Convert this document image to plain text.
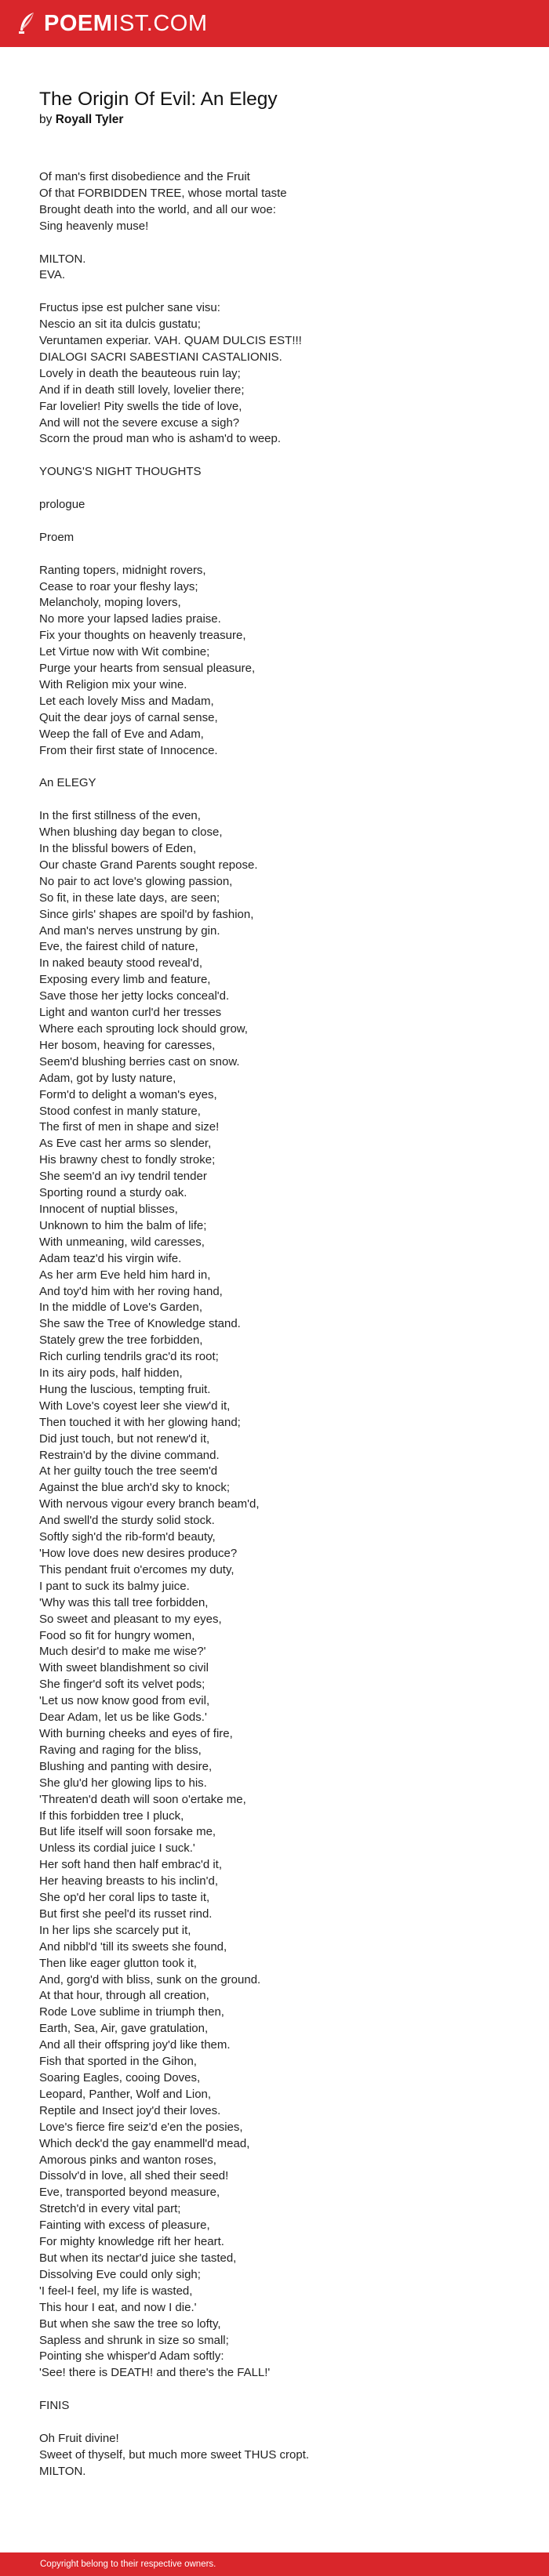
POEM IST.COM
The Origin Of Evil: An Elegy
by Royall Tyler
Of man's first disobedience and the Fruit
Of that FORBIDDEN TREE, whose mortal taste
Brought death into the world, and all our woe:
Sing heavenly muse!
MILTON.
EVA.
Fructus ipse est pulcher sane visu:
Nescio an sit ita dulcis gustatu;
Veruntamen experiar. VAH. QUAM DULCIS EST!!!
DIALOGI SACRI SABESTIANI CASTALIONIS.
Lovely in death the beauteous ruin lay;
And if in death still lovely, lovelier there;
Far lovelier! Pity swells the tide of love,
And will not the severe excuse a sigh?
Scorn the proud man who is asham'd to weep.
YOUNG'S NIGHT THOUGHTS
prologue
Proem
Ranting topers, midnight rovers,
Cease to roar your fleshy lays;
Melancholy, moping lovers,
No more your lapsed ladies praise.
Fix your thoughts on heavenly treasure,
Let Virtue now with Wit combine;
Purge your hearts from sensual pleasure,
With Religion mix your wine.
Let each lovely Miss and Madam,
Quit the dear joys of carnal sense,
Weep the fall of Eve and Adam,
From their first state of Innocence.
An ELEGY
In the first stillness of the even,
When blushing day began to close,
In the blissful bowers of Eden,
Our chaste Grand Parents sought repose.
No pair to act love's glowing passion,
So fit, in these late days, are seen;
Since girls' shapes are spoil'd by fashion,
And man's nerves unstrung by gin.
Eve, the fairest child of nature,
In naked beauty stood reveal'd,
Exposing every limb and feature,
Save those her jetty locks conceal'd.
Light and wanton curl'd her tresses
Where each sprouting lock should grow,
Her bosom, heaving for caresses,
Seem'd blushing berries cast on snow.
Adam, got by lusty nature,
Form'd to delight a woman's eyes,
Stood confest in manly stature,
The first of men in shape and size!
As Eve cast her arms so slender,
His brawny chest to fondly stroke;
She seem'd an ivy tendril tender
Sporting round a sturdy oak.
Innocent of nuptial blisses,
Unknown to him the balm of life;
With unmeaning, wild caresses,
Adam teaz'd his virgin wife.
As her arm Eve held him hard in,
And toy'd him with her roving hand,
In the middle of Love's Garden,
She saw the Tree of Knowledge stand.
Stately grew the tree forbidden,
Rich curling tendrils grac'd its root;
In its airy pods, half hidden,
Hung the luscious, tempting fruit.
With Love's coyest leer she view'd it,
Then touched it with her glowing hand;
Did just touch, but not renew'd it,
Restrain'd by the divine command.
At her guilty touch the tree seem'd
Against the blue arch'd sky to knock;
With nervous vigour every branch beam'd,
And swell'd the sturdy solid stock.
Softly sigh'd the rib-form'd beauty,
'How love does new desires produce?
This pendant fruit o'ercomes my duty,
I pant to suck its balmy juice.
'Why was this tall tree forbidden,
So sweet and pleasant to my eyes,
Food so fit for hungry women,
Much desir'd to make me wise?'
With sweet blandishment so civil
She finger'd soft its velvet pods;
'Let us now know good from evil,
Dear Adam, let us be like Gods.'
With burning cheeks and eyes of fire,
Raving and raging for the bliss,
Blushing and panting with desire,
She glu'd her glowing lips to his.
'Threaten'd death will soon o'ertake me,
If this forbidden tree I pluck,
But life itself will soon forsake me,
Unless its cordial juice I suck.'
Her soft hand then half embrac'd it,
Her heaving breasts to his inclin'd,
She op'd her coral lips to taste it,
But first she peel'd its russet rind.
In her lips she scarcely put it,
And nibbl'd 'till its sweets she found,
Then like eager glutton took it,
And, gorg'd with bliss, sunk on the ground.
At that hour, through all creation,
Rode Love sublime in triumph then,
Earth, Sea, Air, gave gratulation,
And all their offspring joy'd like them.
Fish that sported in the Gihon,
Soaring Eagles, cooing Doves,
Leopard, Panther, Wolf and Lion,
Reptile and Insect joy'd their loves.
Love's fierce fire seiz'd e'en the posies,
Which deck'd the gay enammell'd mead,
Amorous pinks and wanton roses,
Dissolv'd in love, all shed their seed!
Eve, transported beyond measure,
Stretch'd in every vital part;
Fainting with excess of pleasure,
For mighty knowledge rift her heart.
But when its nectar'd juice she tasted,
Dissolving Eve could only sigh;
'I feel-I feel, my life is wasted,
This hour I eat, and now I die.'
But when she saw the tree so lofty,
Sapless and shrunk in size so small;
Pointing she whisper'd Adam softly:
'See! there is DEATH! and there's the FALL!'
FINIS
Oh Fruit divine!
Sweet of thyself, but much more sweet THUS cropt.
MILTON.
Copyright belong to their respective owners.
